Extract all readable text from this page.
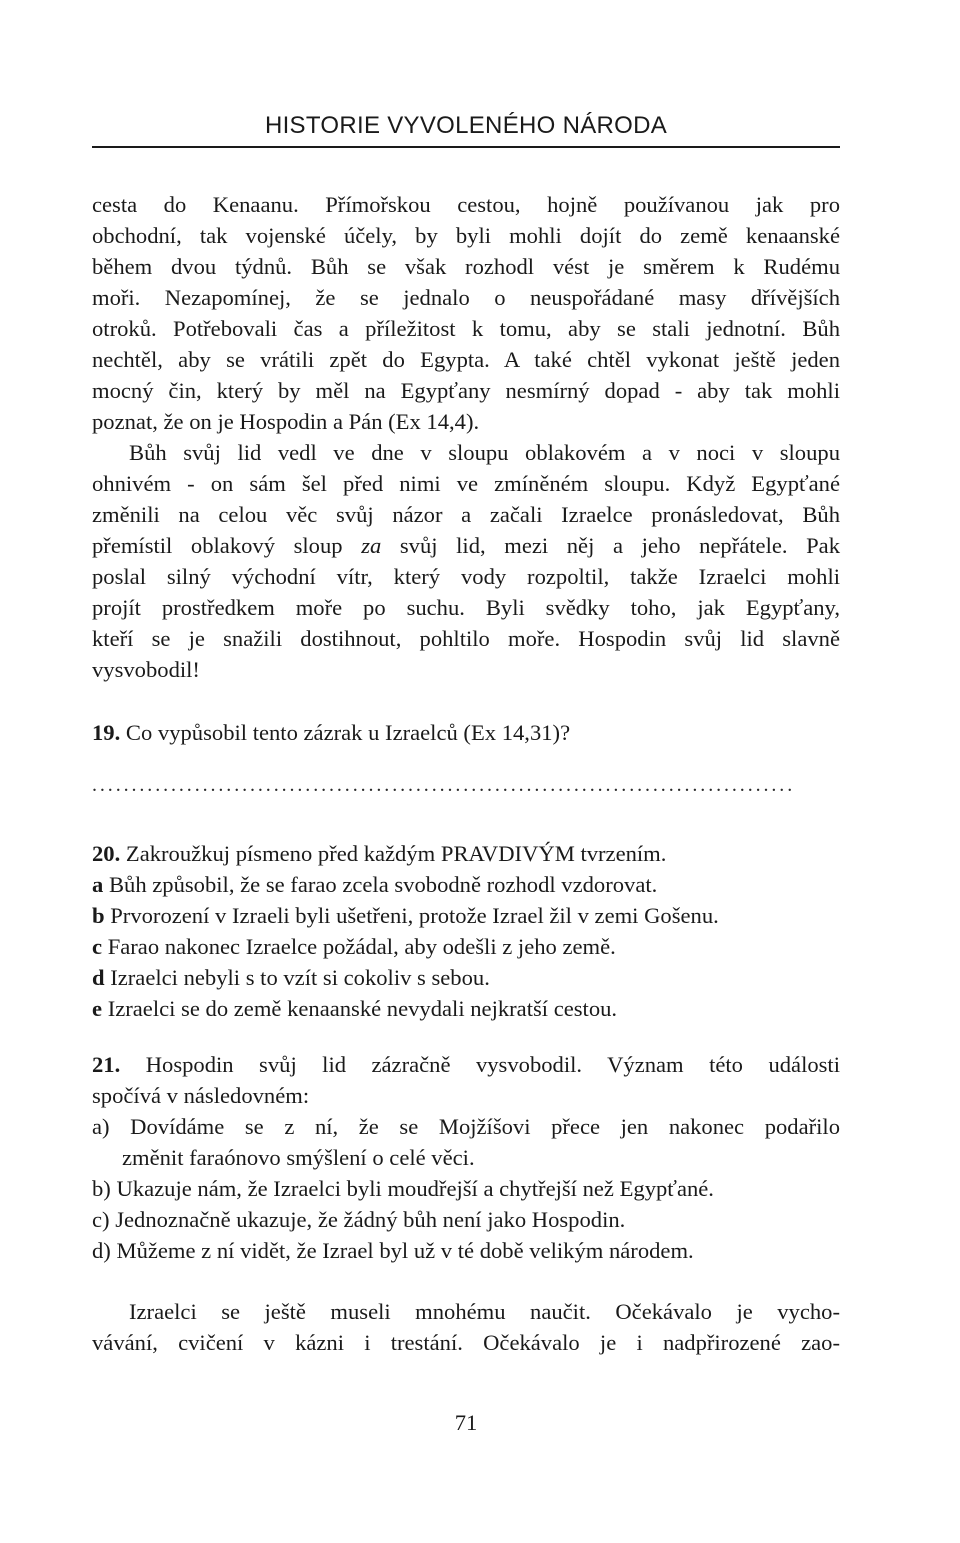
HISTORIE VYVOLENÉHO NÁRODA
cesta do Kenaanu. Přímořskou cestou, hojně používanou jak pro
obchodní, tak vojenské účely, by byli mohli dojít do země kenaanské
během dvou týdnů. Bůh se však rozhodl vést je směrem k Rudému
moři. Nezapomínej, že se jednalo o neuspořádané masy dřívějších
otroků. Potřebovali čas a příležitost k tomu, aby se stali jednotní. Bůh
nechtěl, aby se vrátili zpět do Egypta. A také chtěl vykonat ještě jeden
mocný čin, který by měl na Egypťany nesmírný dopad - aby tak mohli
poznat, že on je Hospodin a Pán (Ex 14,4).
Bůh svůj lid vedl ve dne v sloupu oblakovém a v noci v sloupu
ohnivém - on sám šel před nimi ve zmíněném sloupu. Když Egypťané
změnili na celou věc svůj názor a začali Izraelce pronásledovat, Bůh
přemístil oblakový sloup za svůj lid, mezi něj a jeho nepřátele. Pak
poslal silný východní vítr, který vody rozpoltil, takže Izraelci mohli
projít prostředkem moře po suchu. Byli svědky toho, jak Egypťany,
kteří se je snažili dostihnout, pohltilo moře. Hospodin svůj lid slavně
vysvobodil!
19. Co vypůsobil tento zázrak u Izraelců (Ex 14,31)?
.........................................................................................
20. Zakroužkuj písmeno před každým PRAVDIVÝM tvrzením.
a Bůh způsobil, že se farao zcela svobodně rozhodl vzdorovat.
b Prvorození v Izraeli byli ušetřeni, protože Izrael žil v zemi Gošenu.
c Farao nakonec Izraelce požádal, aby odešli z jeho země.
d Izraelci nebyli s to vzít si cokoliv s sebou.
e Izraelci se do země kenaanské nevydali nejkratší cestou.
21. Hospodin svůj lid zázračně vysvobodil. Význam této události
spočívá v následovném:
a) Dovídáme se z ní, že se Mojžíšovi přece jen nakonec podařilo
změnit faraónovo smýšlení o celé věci.
b) Ukazuje nám, že Izraelci byli moudřejší a chytřejší než Egypťané.
c) Jednoznačně ukazuje, že žádný bůh není jako Hospodin.
d) Můžeme z ní vidět, že Izrael byl už v té době velikým národem.
Izraelci se ještě museli mnohému naučit. Očekávalo je vycho-
vávání, cvičení v kázni i trestání. Očekávalo je i nadpřirozené zao-
71
